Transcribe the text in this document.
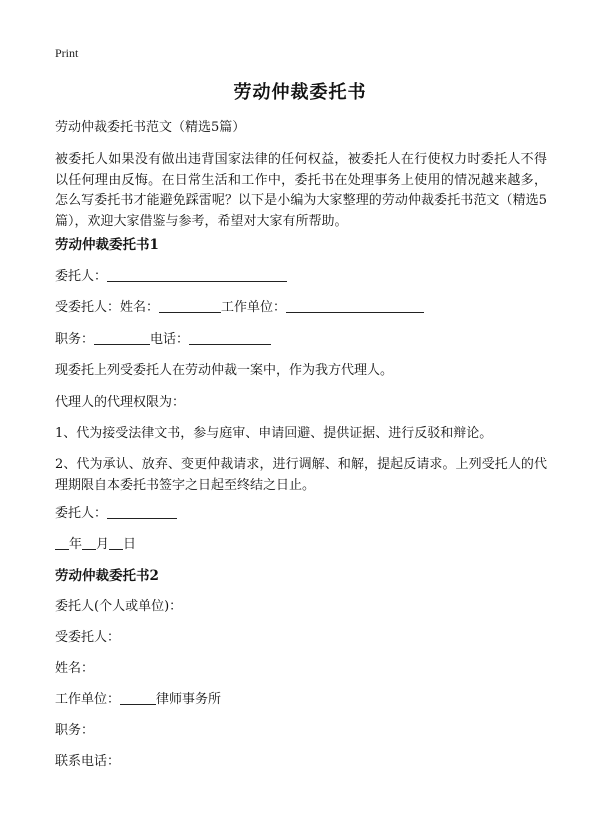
Print
劳动仲裁委托书
劳动仲裁委托书范文（精选5篇）
被委托人如果没有做出违背国家法律的任何权益，被委托人在行使权力时委托人不得以任何理由反悔。在日常生活和工作中，委托书在处理事务上使用的情况越来越多，怎么写委托书才能避免踩雷呢？以下是小编为大家整理的劳动仲裁委托书范文（精选5篇），欢迎大家借鉴与参考，希望对大家有所帮助。
劳动仲裁委托书1
委托人：
受委托人：姓名：	工作单位：
职务：	电话：
现委托上列受委托人在劳动仲裁一案中，作为我方代理人。
代理人的代理权限为：
1、代为接受法律文书，参与庭审、申请回避、提供证据、进行反驳和辩论。
2、代为承认、放弃、变更仲裁请求，进行调解、和解，提起反请求。上列受托人的代理期限自本委托书签字之日起至终结之日止。
委托人：
年 月 日
劳动仲裁委托书2
委托人(个人或单位)：
受委托人：
姓名：
工作单位：	律师事务所
职务：
联系电话：
